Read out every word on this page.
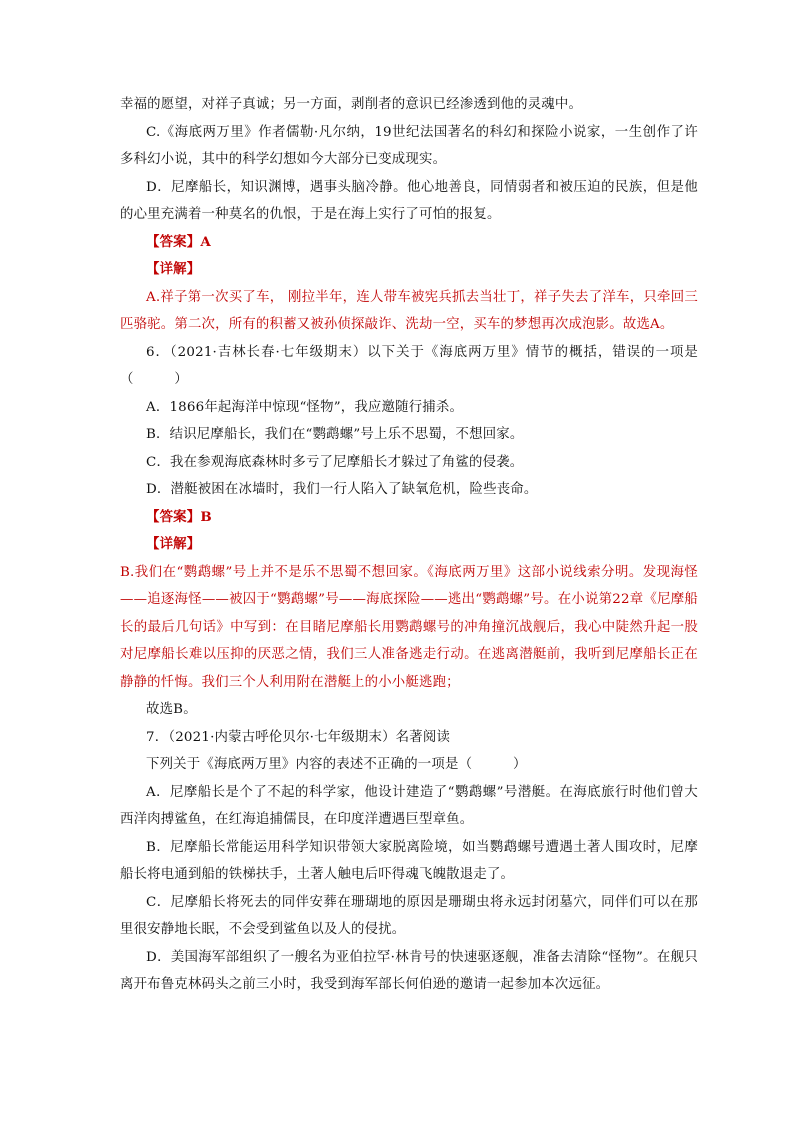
幸福的愿望，对祥子真诚；另一方面，剥削者的意识已经渗透到他的灵魂中。

C.《海底两万里》作者儒勒·凡尔纳，19世纪法国著名的科幻和探险小说家，一生创作了许多科幻小说，其中的科学幻想如今大部分已变成现实。

D．尼摩船长，知识渊博，遇事头脑冷静。他心地善良，同情弱者和被压迫的民族，但是他的心里充满着一种莫名的仇恨，于是在海上实行了可怕的报复。

【答案】A

【详解】

A.祥子第一次买了车， 刚拉半年，连人带车被宪兵抓去当壮丁，祥子失去了洋车，只牵回三匹骆驼。第二次，所有的积蓄又被孙侦探敲诈、洗劫一空，买车的梦想再次成泡影。故选A。

6．（2021·吉林长春·七年级期末）以下关于《海底两万里》情节的概括，错误的一项是（　　　）

A．1866年起海洋中惊现“怪物”，我应邀随行捕杀。

B．结识尼摩船长，我们在“鹦鹉螺”号上乐不思蜀，不想回家。

C．我在参观海底森林时多亏了尼摩船长才躲过了角鲨的侵袭。

D．潜艇被困在冰墙时，我们一行人陷入了缺氧危机，险些丧命。

【答案】B

【详解】

B.我们在“鹦鹉螺”号上并不是乐不思蜀不想回家。《海底两万里》这部小说线索分明。发现海怪——追逐海怪——被囚于“鹦鹉螺”号——海底探险——逃出“鹦鹉螺”号。在小说第22章《尼摩船长的最后几句话》中写到：在目睹尼摩船长用鹦鹉螺号的冲角撞沉战舰后，我心中陡然升起一股对尼摩船长难以压抑的厌恶之情，我们三人准备逃走行动。在逃离潜艇前，我听到尼摩船长正在静静的忏悔。我们三个人利用附在潜艇上的小小艇逃跑；

故选B。

7．（2021·内蒙古呼伦贝尔·七年级期末）名著阅读

下列关于《海底两万里》内容的表述不正确的一项是（　　　）

A．尼摩船长是个了不起的科学家，他设计建造了“鹦鹉螺”号潜艇。在海底旅行时他们曾大西洋肉搏鲨鱼，在红海追捕儒艮，在印度洋遭遇巨型章鱼。

B．尼摩船长常能运用科学知识带领大家脱离险境，如当鹦鹉螺号遭遇土著人围攻时，尼摩船长将电通到船的铁梯扶手，土著人触电后吓得魂飞魄散退走了。

C．尼摩船长将死去的同伴安葬在珊瑚地的原因是珊瑚虫将永远封闭墓穴，同伴们可以在那里很安静地长眠，不会受到鲨鱼以及人的侵扰。

D．美国海军部组织了一艘名为亚伯拉罕·林肯号的快速驱逐舰，准备去清除“怪物”。在舰只离开布鲁克林码头之前三小时，我受到海军部长何伯逊的邀请一起参加本次远征。
